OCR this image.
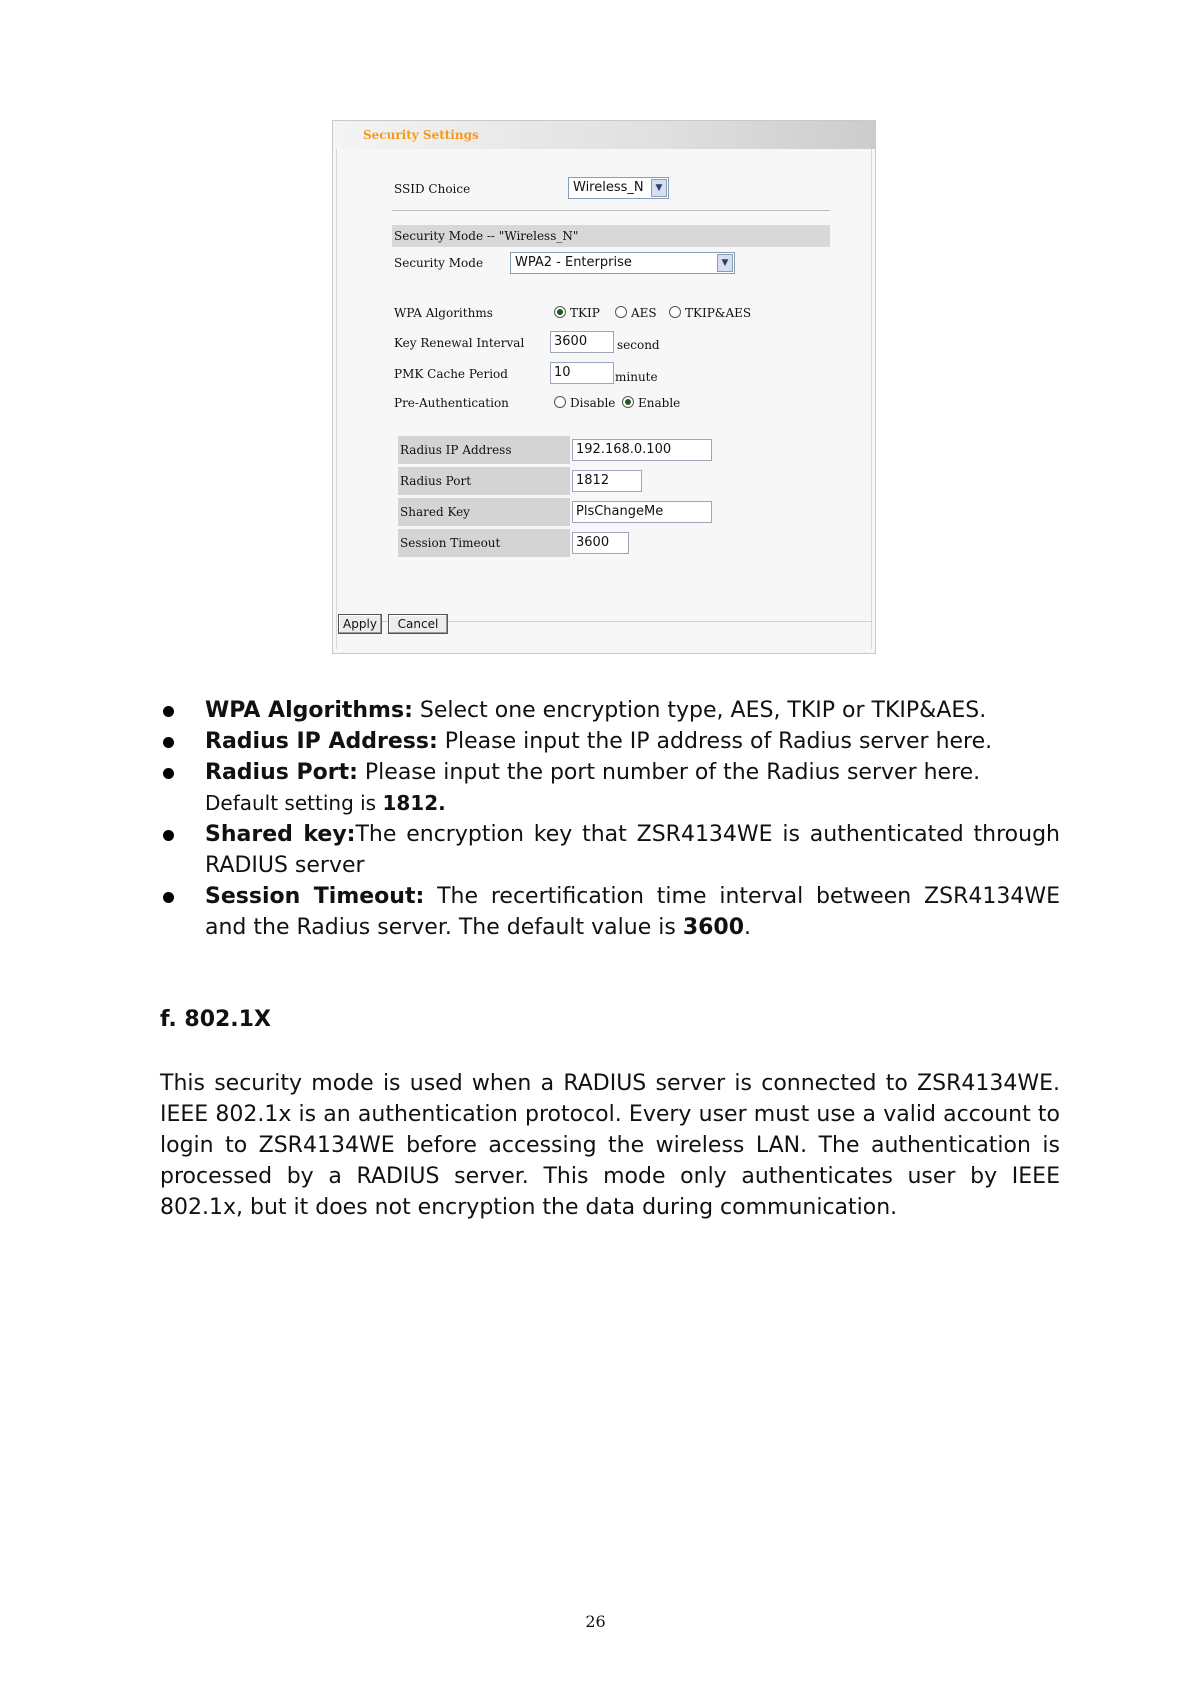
Security Settings
SSID Choice	Wireless_N	▼
Security Mode -- "Wireless_N"
Security Mode	WPA2 - Enterprise	▼
WPA Algorithms	TKIP	AES TKIP&AES
Key Renewal Interval	3600	second
PMK Cache Period	10	minute
Pre-Authentication	Disable Enable
Radius IP Address	192.168.0.100
Radius Port	1812
Shared Key	PlsChangeMe
Session Timeout	3600
Apply	Cancel
WPA Algorithms: Select one encryption type, AES, TKIP or TKIP&AES.
Radius IP Address: Please input the IP address of Radius server here.
Radius Port: Please input the port number of the Radius server here.
Default setting is 1812.
Shared key:The encryption key that ZSR4134WE is authenticated through RADIUS server
Session Timeout: The recertification time interval between ZSR4134WE and the Radius server. The default value is 3600.
f. 802.1X
This security mode is used when a RADIUS server is connected to ZSR4134WE. IEEE 802.1x is an authentication protocol. Every user must use a valid account to login to ZSR4134WE before accessing the wireless LAN. The authentication is processed by a RADIUS server. This mode only authenticates user by IEEE 802.1x, but it does not encryption the data during communication.
26
